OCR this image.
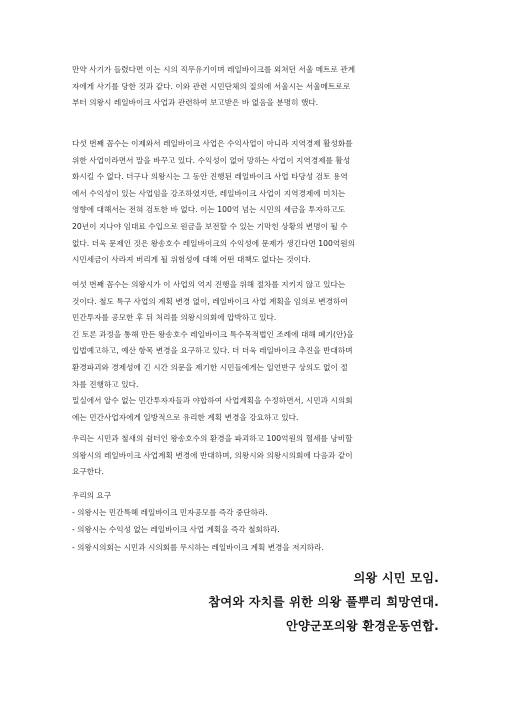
만약 사기가 들렸다면 이는 시의 직무유기이며 레일바이크를 외쳐던 서울 메트로 관계
자에게 사기를 당한 것과 같다. 이와 관련 시민단체의 질의에 서울시는 서울메트로로
부터 의왕시 레일바이크 사업과 관련하여 보고받은 바 없음을 분명히 했다.
다섯 번째 꼼수는 이제와서 레일바이크 사업은 수익사업이 아니라 지역경제 활성화를
위한 사업이라면서 말을 바꾸고 있다. 수익성이 없어 망하는 사업이 지역경제를 활성
화시킬 수 없다. 더구나 의왕시는 그 동안 진행된 레일바이크 사업 타당성 검토 용역
에서 수익성이 있는 사업임을 강조하였지만, 레일바이크 사업이 지역경제에 미치는
영향에 대해서는 전혀 검토한 바 없다. 이는 100억 넘는 시민의 세금을 투자하고도
20년이 지나야 임대료 수입으로 원금을 보전할 수 있는 기막힌 상황의 변명이 될 수
없다. 더욱 문제인 것은 왕송호수 레일바이크의 수익성에 문제가 생긴다면 100억원의
시민세금이 사라져 버리게 될 위험성에 대해 어떤 대책도 없다는 것이다.
여섯 번째 꼼수는 의왕시가 이 사업의 억지 진행을 위해 절차를 지키지 않고 있다는
것이다. 철도 특구 사업의 계획 변경 없이, 레일바이크 사업 계획을 임의로 변경하여
민간투자를 공모한 후 뒤 처리를 의왕시의회에 압박하고 있다.
긴 토론 과정을 통해 만든 왕송호수 레일바이크 특수목적법인 조례에 대해 폐기(안)을
입법예고하고, 예산 항목 변경을 요구하고 있다. 더 더욱 레일바이크 추진을 반대하며
환경파괴와 경제성에 긴 시간 의문을 제기한 시민들에게는 일언반구 상의도 없이 절
차를 진행하고 있다.
밀실에서 알수 없는 민간투자자들과 야합하여 사업계획을 수정하면서, 시민과 시의회
에는 민간사업자에게 일방적으로 유리한 계획 변경을 강요하고 있다.
우리는 시민과 철새의 쉼터인 왕송호수의 환경을 파괴하고 100억원의 혈세를 낭비할
의왕시의 레일바이크 사업계획 변경에 반대하며, 의왕시와 의왕시의회에 다음과 같이
요구한다.
우리의 요구
- 의왕시는 민간특혜 레일바이크 민자공모를 즉각 중단하라.
- 의왕시는 수익성 없는 레일바이크 사업 계획을 즉각 철회하라.
- 의왕시의회는 시민과 시의회를 무시하는 레일바이크 계획 변경을 저지하라.
의왕 시민 모임.
참여와 자치를 위한 의왕 풀뿌리 희망연대.
안양군포의왕 환경운동연합.
